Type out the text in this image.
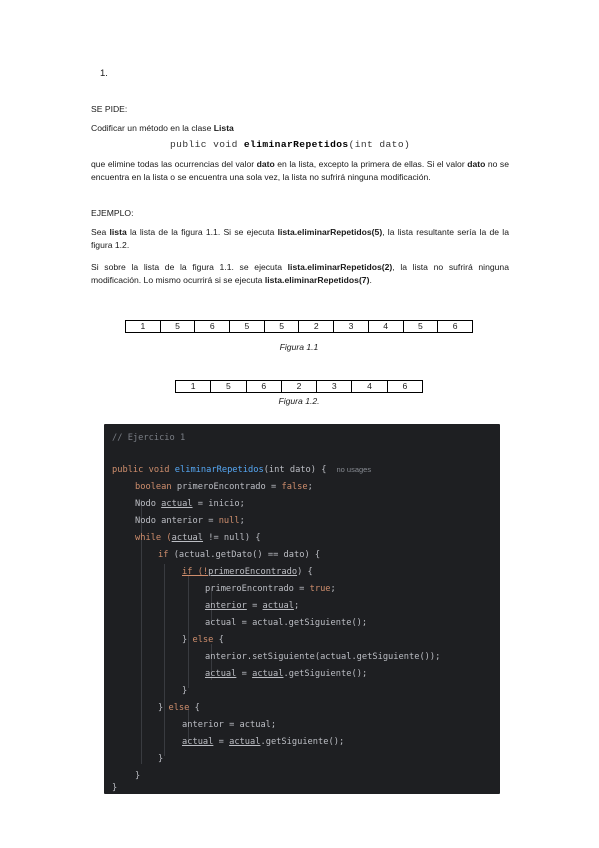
1.
SE PIDE:
Codificar un método en la clase Lista
public void eliminarRepetidos(int dato)
que elimine todas las ocurrencias del valor dato en la lista, excepto la primera de ellas. Si el valor dato no se encuentra en la lista o se encuentra una sola vez, la lista no sufrirá ninguna modificación.
EJEMPLO:
Sea lista la lista de la figura 1.1. Si se ejecuta lista.eliminarRepetidos(5), la lista resultante sería la de la figura 1.2.
Si sobre la lista de la figura 1.1. se ejecuta lista.eliminarRepetidos(2), la lista no sufrirá ninguna modificación. Lo mismo ocurrirá si se ejecuta lista.eliminarRepetidos(7).
1	5	6	5	5	2	3	4	5	6
Figura 1.1
1	5	6	2	3	4	6
Figura 1.2.
// Ejercicio 1
public void eliminarRepetidos(int dato) { no usages
boolean primeroEncontrado = false;
Nodo actual = inicio;
Nodo anterior = null;
while (actual != null) {
if (actual.getDato() == dato) {
if (!primeroEncontrado) {
primeroEncontrado = true;
anterior = actual;
actual = actual.getSiguiente();
} else {
anterior.setSiguiente(actual.getSiguiente());
actual = actual.getSiguiente();
}
} else {
anterior = actual;
actual = actual.getSiguiente();
}
}
}
